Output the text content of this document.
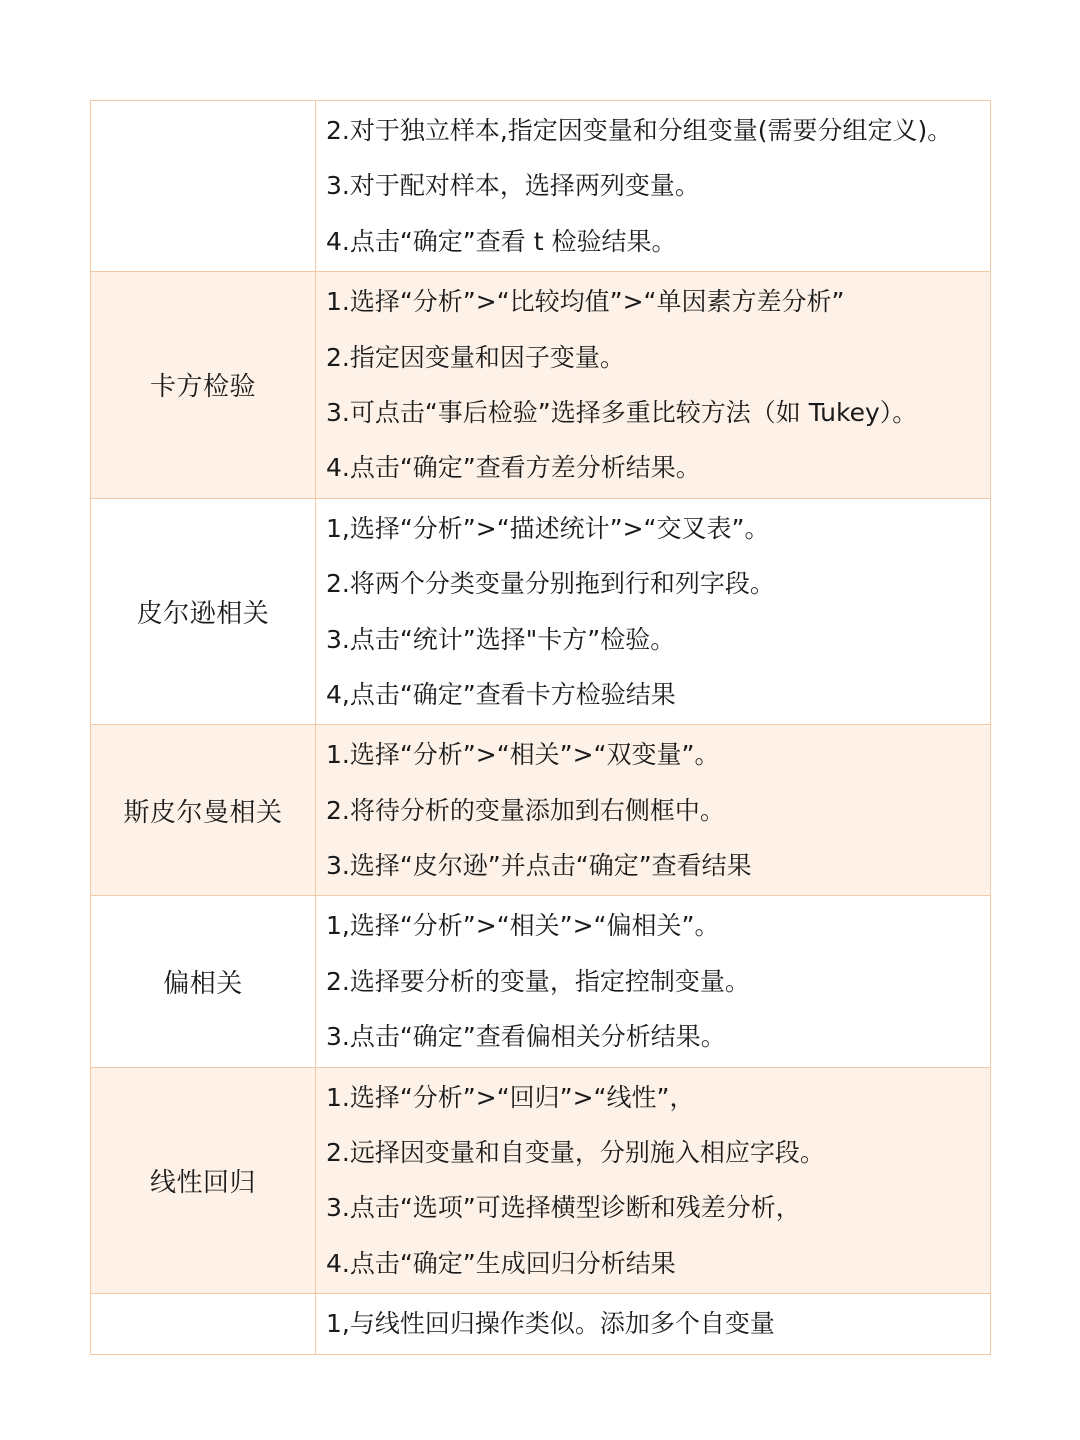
	2.对于独立样本,指定因变量和分组变量(需要分组定义)。
3.对于配对样本，选择两列变量。
4.点击“确定”查看 t 检验结果。

卡方检验	1.选择“分析”>“比较均值”>“单因素方差分析”
2.指定因变量和因子变量。
3.可点击“事后检验”选择多重比较方法（如 Tukey）。
4.点击“确定”查看方差分析结果。

皮尔逊相关	1,选择“分析”>“描述统计”>“交叉表”。
2.将两个分类变量分别拖到行和列字段。
3.点击“统计”选择"卡方”检验。
4,点击“确定”查看卡方检验结果

斯皮尔曼相关	1.选择“分析”>“相关”>“双变量”。
2.将待分析的变量添加到右侧框中。
3.选择“皮尔逊”并点击“确定”查看结果

偏相关	1,选择“分析”>“相关”>“偏相关”。
2.选择要分析的变量，指定控制变量。
3.点击“确定”查看偏相关分析结果。

线性回归	1.选择“分析”>“回归”>“线性”，
2.远择因变量和自变量，分别施入相应字段。
3.点击“选项”可选择横型诊断和残差分析，
4.点击“确定”生成回归分析结果

	1,与线性回归操作类似。添加多个自变量
